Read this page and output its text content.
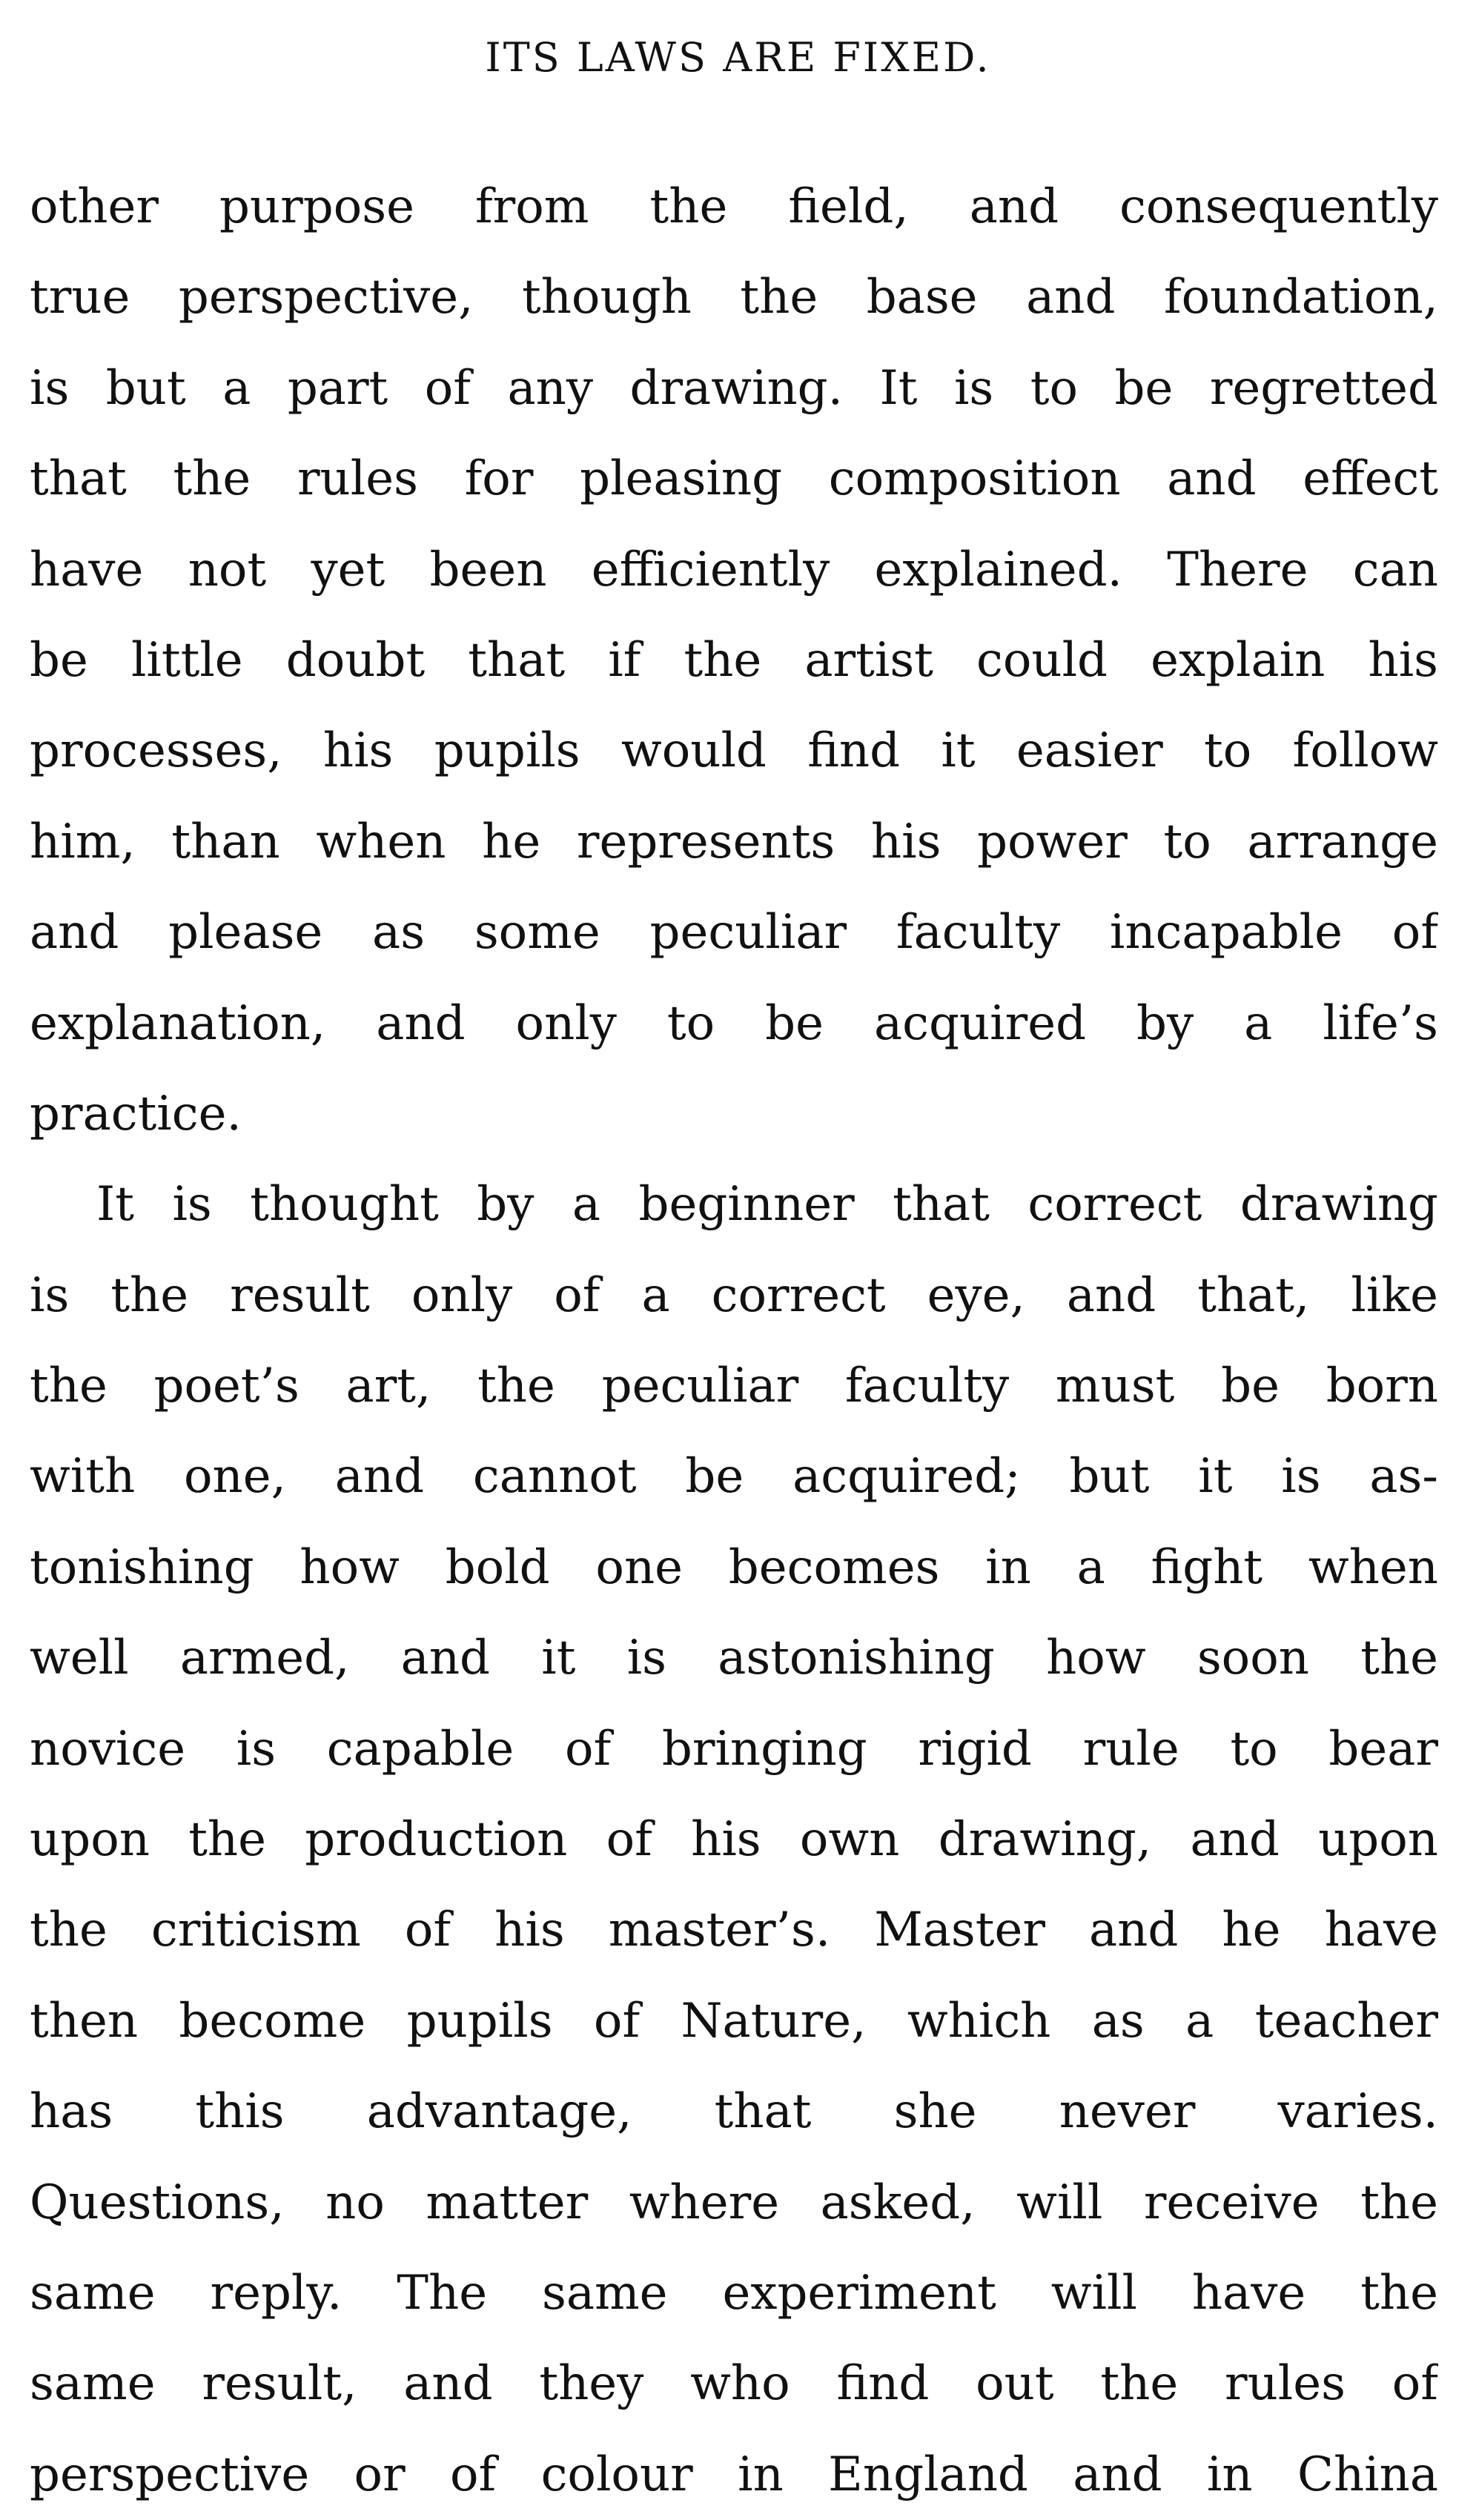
ITS LAWS ARE FIXED.
other purpose from the field, and consequently
true perspective, though the base and foundation,
is but a part of any drawing. It is to be regretted
that the rules for pleasing composition and effect
have not yet been efficiently explained. There can
be little doubt that if the artist could explain his
processes, his pupils would find it easier to follow
him, than when he represents his power to arrange
and please as some peculiar faculty incapable of
explanation, and only to be acquired by a life’s
practice.
It is thought by a beginner that correct drawing
is the result only of a correct eye, and that, like
the poet’s art, the peculiar faculty must be born
with one, and cannot be acquired; but it is as-
tonishing how bold one becomes in a fight when
well armed, and it is astonishing how soon the
novice is capable of bringing rigid rule to bear
upon the production of his own drawing, and upon
the criticism of his master’s. Master and he have
then become pupils of Nature, which as a teacher
has this advantage, that she never varies.
Questions, no matter where asked, will receive the
same reply. The same experiment will have the
same result, and they who find out the rules of
perspective or of colour in England and in China
